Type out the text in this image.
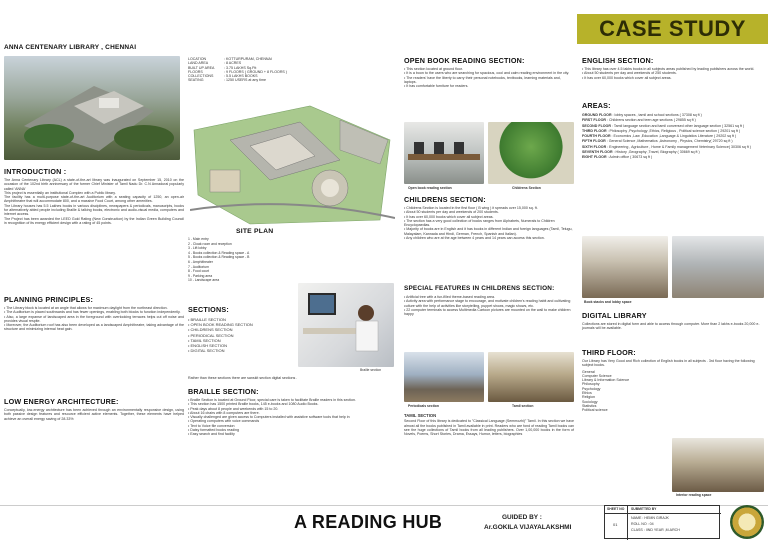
CASE STUDY
ANNA CENTENARY LIBRARY , CHENNAI
LOCATION	: KOTTURPURAM, CHENNAI
LAND AREA	: 8 ACRES
BUILT UP AREA	: 3.75 LAKHS Sq.Ftt
FLOORS	: 9 FLOORS ( GROUND + 8 FLOORS )
COLLECTIONS	: 5.5 LAKHS BOOKS
SEATING	: 1250 USERS at any time
SITE PLAN
1 - Main entry
2 - Cloak room and reception
3 - Lift lobby
4 - Books collection & Reading space - A
5 - Books collection & Reading space - B
6 - Amphitheater
7 - Auditorium
8 - Food court
9 - Parking area
10 - Landscape area
Braille section
INTRODUCTION :
The Anna Centenary Library (ACL) a state-of-the-art library was inaugurated on September 15, 2010 on the occasion of the 102nd birth anniversary of the former Chief Minister of Tamil Nadu Dr. C.N Annadurai popularly called 'ANNA'
This project is essentially an institutional Complex with a Public library.
The facility has a multi-purpose state-of-the-art Auditorium with a seating capacity of 1250, an open-air Amphitheatre that will accommodate 800, and a massive Food Court, among other amenities.
The Library houses has 5.5 Lakhes books in various disciplines, newspapers & periodicals, manuscripts, books for alternatively abled people including Braille & talking books, electronic and audio-visual media, computers and internet access.
The Project has been awarded the LEED Gold Rating (New Construction) by the Indian Green Building Council in recognition of its energy efficient design with a rating of 45 points.
PLANNING PRINCIPLES:
• The Library block is located at an angle that allows for maximum daylight from the northeast direction.
• The Auditorium is placed southwards and has fewer openings, enabling both blocks to function independently.
• Also, a large expanse of landscaped area in the foreground with overlooking terraces helps cut off noise and provides visual respite.
• Moreover, the Auditorium roof has also been developed as a landscaped Amphitheatre, taking advantage of the structure and minimizing internal heat gain.
LOW ENERGY ARCHITECTURE:
Conceptually, low-energy architecture has been achieved through an environmentally responsive design, using both passive design features and resource efficient active elements. Together, these elements have helped achieve an overall energy saving of 28.33%
SECTIONS:
• BRAILLE SECTION
• OPEN BOOK READING SECTION
• CHILDRENS SECTION
• PERIODICAL SECTION
• TAMIL SECTION
• ENGLISH SECTION
• DIGITAL SECTION
Rather than these sections there are sanskit section digital sections .
BRAILLE SECTION:
• Braille Section is located at Ground Floor, special care is taken to facilitate Braille readers in this section.
• This section has 1500 printed Braille books, 145 e-books and 1080 Audio Books.
• Peak days about 8 people and weekends with 15 to 20.
• About 16 chairs with 8 computers are there.
• Visually challenged are given access to Computers installed with assistive software tools that help in
• Operating computers with voice commands
• Text to Voice file conversion
• Daisy formatted books reading
• Easy search and find facility
OPEN BOOK READING SECTION:
• This section located at ground floor.
• It is a boon to the users who are searching for spacious, cool and calm reading environment in the city.
• The readers' have the liberty to carry their personal notebooks, textbooks, learning materials and, laptops.
• It has comfortable furniture for readers.
Open book reading section	Childrens Section
CHILDRENS SECTION:
• Childrens Section is located in the first floor ( B wing ) it spreads over 15,000 sq. ft.
• About 50 students per day and weekends of 200 students.
• It has over 60,000 books which cover all subject areas.
• The section has a very good collection of books ranges from Alphabets, Numerals to Children Encyclopaedias.
• Majority of books are in English and it has books in different Indian and foreign languages (Tamil, Telugu, Malayalam, Kannada and Hindi, German, French, Spanish and Italian).
• Any children who are at the age between 4 years and 14 years can access this section.
SPECIAL FEATURES IN CHILDRENS SECTION:
• Artificial tree with a fun-filled theme-based reading area.
• Activity area with performance stage to encourage, and motivate children's reading habit and cultivating culture with the help of activities like storytelling, puppet shows, magic shows, etc.
• 22 computer terminals to access Multimedia Cartoon pictures are mounted on the wall to make children happy
Periodicals section	Tamil section
TAMIL SECTION
Second Floor of this library is dedicated to "Classical Language (Semmozhi)" Tamil. In this section we have almost all the books published in Tamil available in print. Readers who are fond of reading Tamil books can see the huge collections of Tamil books from all leading publishers. Over 1,00,000 books in the form of Novels, Poems, Short Stories, Drama, Essays, Humor, letters, biographies
ENGLISH SECTION:
• This library has over 4.5 lakhs books in all subjects areas published by leading publishers across the world.
• About 50 students per day and weekends of 250 students.
• It has over 60,000 books which cover all subject areas.
AREAS:
GROUND FLOOR : lobby spaces , tamil and school sections ( 37308 sq ft )
FIRST FLOOR : Childrens section and teen age sections ( 29855 sq ft )
SECOND FLOOR : Tamil language section and tamil conversed other language section ( 32561 sq ft )
THIRD FLOOR : Philosophy ,Psychology ,Ethics, Religious , Political science section ( 29201 sq ft )
FOURTH FLOOR : Economics ,Law ,Education ,Language & Linguistics Literature ( 29202 sq ft )
FIFTH FLOOR : General Science ,Mathematics ,Astronomy , Physics, Chemistry( 29720 sq ft )
SIXTH FLOOR : Engineering , Agriculture , Home & Family management Veterinary Science( 30306 sq ft )
SEVENTH FLOOR : History ,Geography ,Travel, Biography ( 30669 sq ft )
EIGHT FLOOR : Admin office ( 30673 sq ft )
Book stacks and lobby space
DIGITAL LIBRARY
Collections are stored in digital form and able to access through computer. More than 2 lakhs e-books 20,000 e-journals will be available.
THIRD FLOOR:
Our Library has Very Good and Rich collection of English books in all subjects . 3rd floor having the following subject books.
General
Computer Science
Library & Information Science
Philosophy
Psychology
Ethics
Religion
Sociology
Statistics
Political science
Interior reading space
A READING HUB	GUIDED BY :
Ar.GOKILA VIJAYALAKSHMI
SHEET NO SUBMITTED BY
01
NAME : HEMN GIRAJK
ROLL NO : 04
CLASS : IIND YEAR ,M.ARCH
